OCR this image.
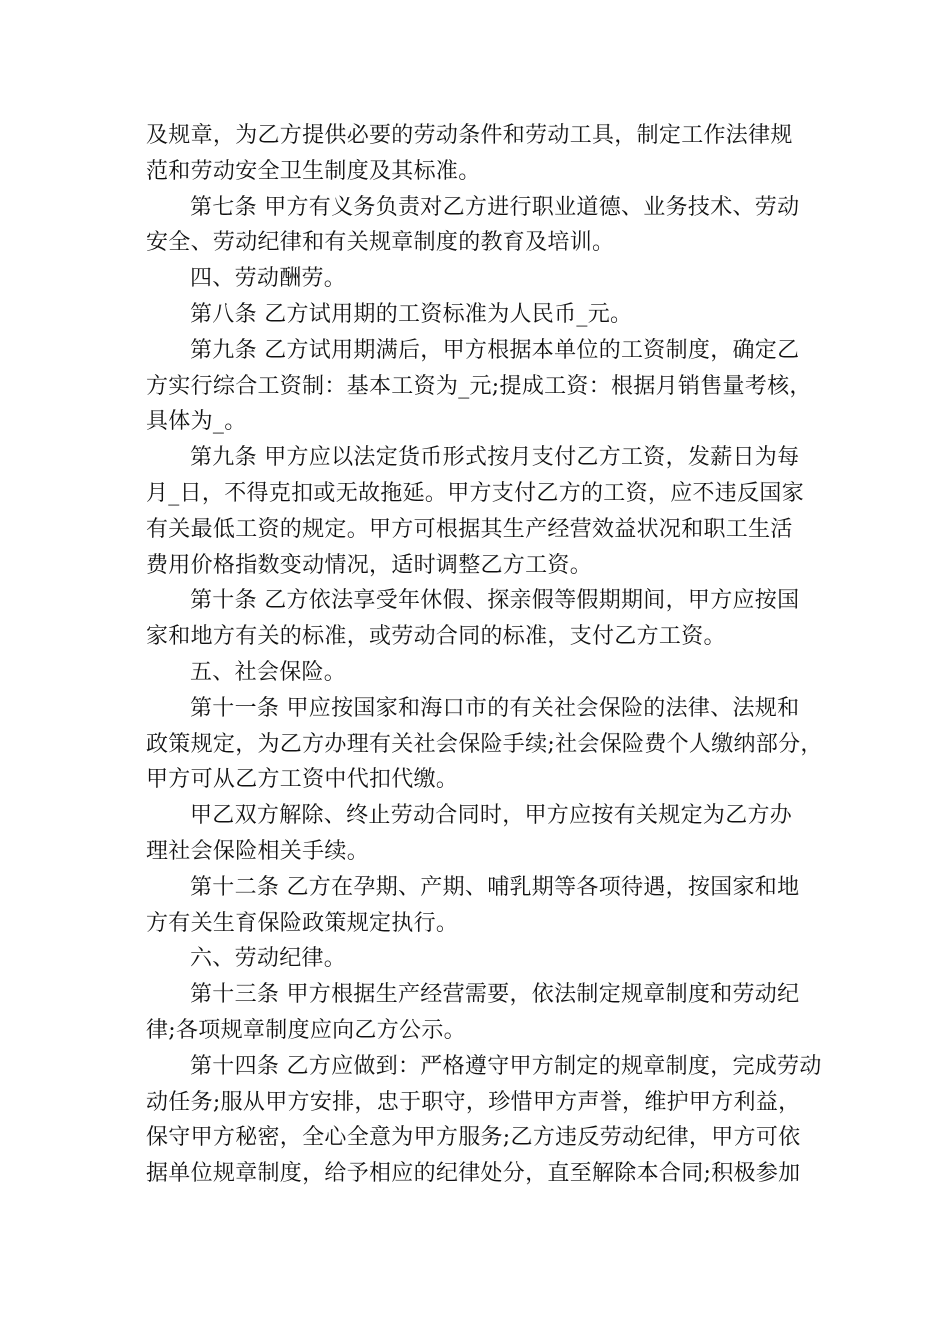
及规章，为乙方提供必要的劳动条件和劳动工具，制定工作法律规
范和劳动安全卫生制度及其标准。
第七条 甲方有义务负责对乙方进行职业道德、业务技术、劳动
安全、劳动纪律和有关规章制度的教育及培训。
四、劳动酬劳。
第八条 乙方试用期的工资标准为人民币_元。
第九条 乙方试用期满后，甲方根据本单位的工资制度，确定乙
方实行综合工资制：基本工资为_元;提成工资：根据月销售量考核，
具体为_。
第九条 甲方应以法定货币形式按月支付乙方工资，发薪日为每
月_日，不得克扣或无故拖延。甲方支付乙方的工资，应不违反国家
有关最低工资的规定。甲方可根据其生产经营效益状况和职工生活
费用价格指数变动情况，适时调整乙方工资。
第十条 乙方依法享受年休假、探亲假等假期期间，甲方应按国
家和地方有关的标准，或劳动合同的标准，支付乙方工资。
五、社会保险。
第十一条 甲应按国家和海口市的有关社会保险的法律、法规和
政策规定，为乙方办理有关社会保险手续;社会保险费个人缴纳部分，
甲方可从乙方工资中代扣代缴。
甲乙双方解除、终止劳动合同时，甲方应按有关规定为乙方办
理社会保险相关手续。
第十二条 乙方在孕期、产期、哺乳期等各项待遇，按国家和地
方有关生育保险政策规定执行。
六、劳动纪律。
第十三条 甲方根据生产经营需要，依法制定规章制度和劳动纪
律;各项规章制度应向乙方公示。
第十四条 乙方应做到：严格遵守甲方制定的规章制度，完成劳动
动任务;服从甲方安排，忠于职守，珍惜甲方声誉，维护甲方利益，
保守甲方秘密，全心全意为甲方服务;乙方违反劳动纪律，甲方可依
据单位规章制度，给予相应的纪律处分，直至解除本合同;积极参加
